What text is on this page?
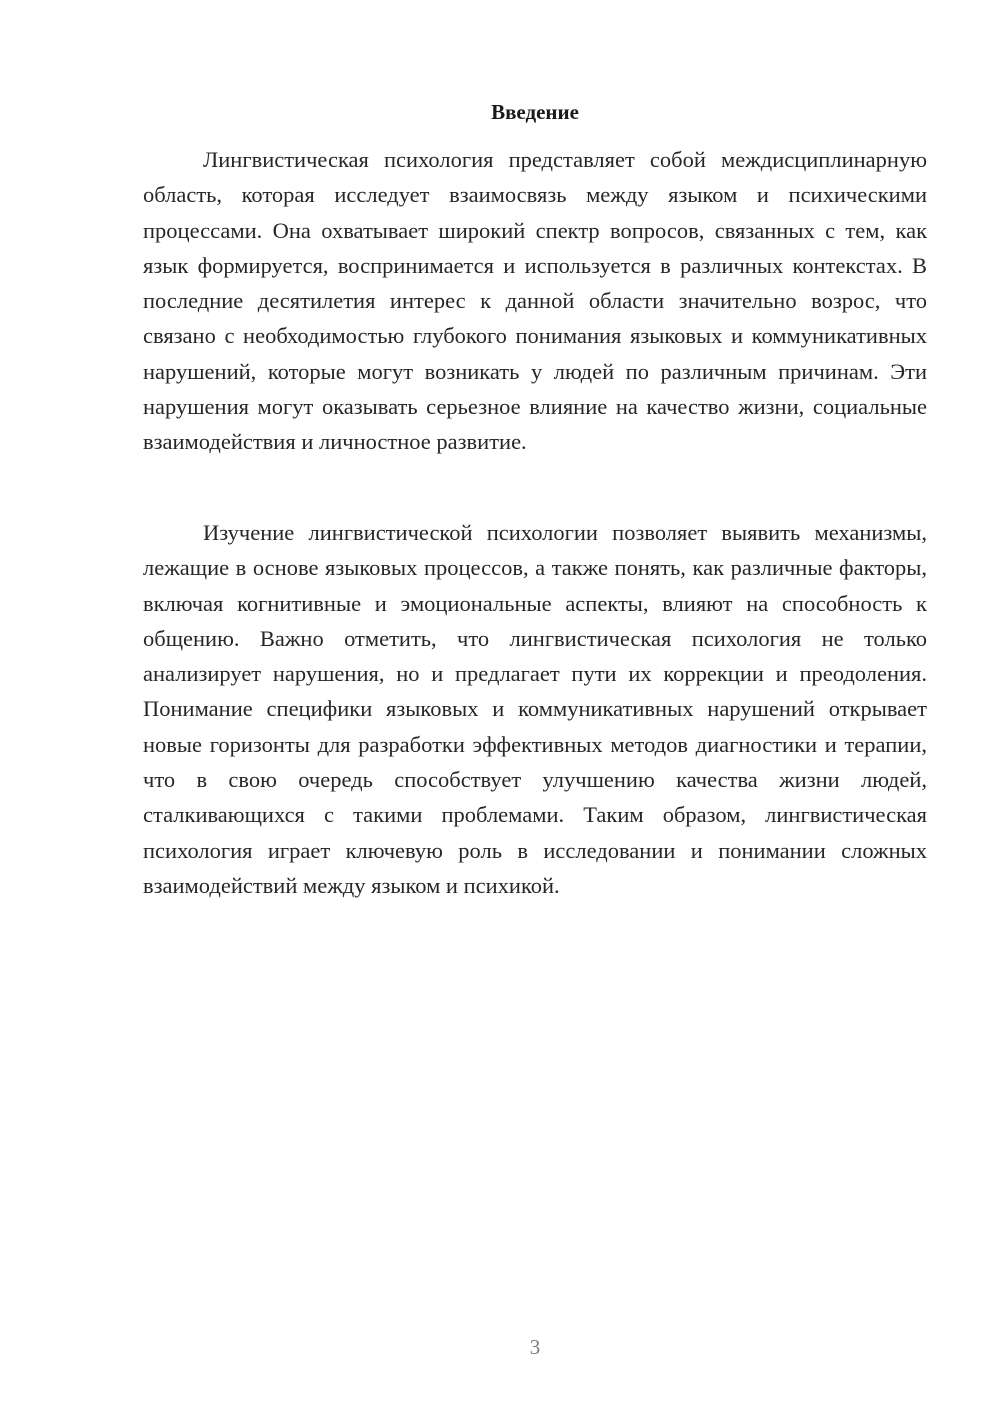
Введение

Лингвистическая психология представляет собой междисциплинарную область, которая исследует взаимосвязь между языком и психическими процессами. Она охватывает широкий спектр вопросов, связанных с тем, как язык формируется, воспринимается и используется в различных контекстах. В последние десятилетия интерес к данной области значительно возрос, что связано с необходимостью глубокого понимания языковых и коммуникативных нарушений, которые могут возникать у людей по различным причинам. Эти нарушения могут оказывать серьезное влияние на качество жизни, социальные взаимодействия и личностное развитие.

Изучение лингвистической психологии позволяет выявить механизмы, лежащие в основе языковых процессов, а также понять, как различные факторы, включая когнитивные и эмоциональные аспекты, влияют на способность к общению. Важно отметить, что лингвистическая психология не только анализирует нарушения, но и предлагает пути их коррекции и преодоления. Понимание специфики языковых и коммуникативных нарушений открывает новые горизонты для разработки эффективных методов диагностики и терапии, что в свою очередь способствует улучшению качества жизни людей, сталкивающихся с такими проблемами. Таким образом, лингвистическая психология играет ключевую роль в исследовании и понимании сложных взаимодействий между языком и психикой.

3
